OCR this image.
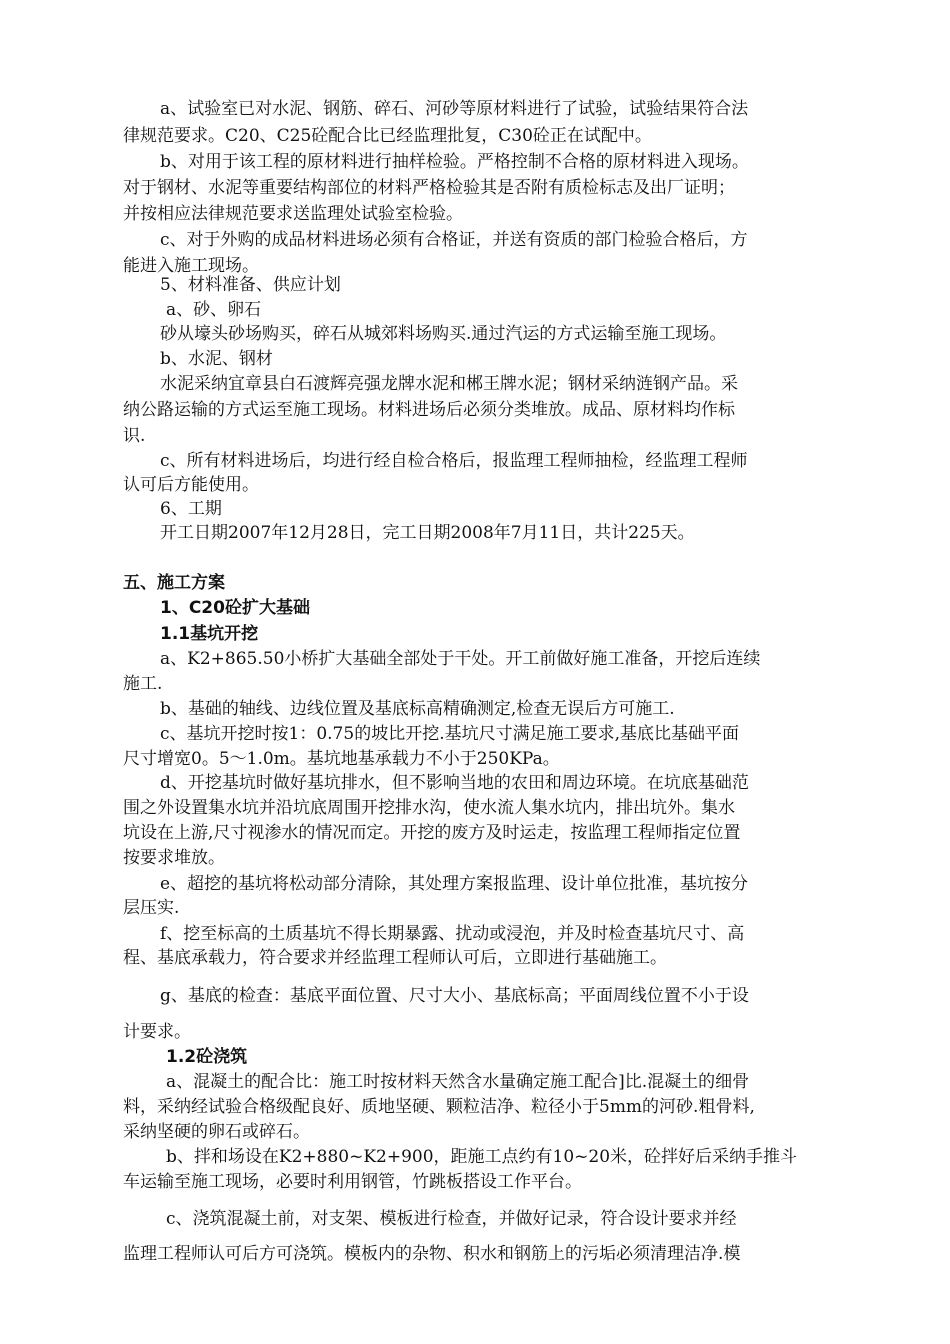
a、试验室已对水泥、钢筋、碎石、河砂等原材料进行了试验，试验结果符合法
律规范要求。C20、C25砼配合比已经监理批复，C30砼正在试配中。
b、对用于该工程的原材料进行抽样检验。严格控制不合格的原材料进入现场。
对于钢材、水泥等重要结构部位的材料严格检验其是否附有质检标志及出厂证明；
并按相应法律规范要求送监理处试验室检验。
c、对于外购的成品材料进场必须有合格证，并送有资质的部门检验合格后，方
能进入施工现场。
5、材料准备、供应计划
a、砂、卵石
砂从壕头砂场购买，碎石从城郊料场购买.通过汽运的方式运输至施工现场。
b、水泥、钢材
水泥采纳宜章县白石渡辉亮强龙牌水泥和郴王牌水泥；钢材采纳涟钢产品。采
纳公路运输的方式运至施工现场。材料进场后必须分类堆放。成品、原材料均作标
识.
c、所有材料进场后，均进行经自检合格后，报监理工程师抽检，经监理工程师
认可后方能使用。
6、工期
开工日期2007年12月28日，完工日期2008年7月11日，共计225天。
五、施工方案
1、C20砼扩大基础
1.1基坑开挖
a、K2+865.50小桥扩大基础全部处于干处。开工前做好施工准备，开挖后连续
施工.
b、基础的轴线、边线位置及基底标高精确测定,检查无误后方可施工.
c、基坑开挖时按1：0.75的坡比开挖.基坑尺寸满足施工要求,基底比基础平面
尺寸增宽0。5～1.0m。基坑地基承载力不小于250KPa。
d、开挖基坑时做好基坑排水，但不影响当地的农田和周边环境。在坑底基础范
围之外设置集水坑并沿坑底周围开挖排水沟，使水流人集水坑内，排出坑外。集水
坑设在上游,尺寸视渗水的情况而定。开挖的废方及时运走，按监理工程师指定位置
按要求堆放。
e、超挖的基坑将松动部分清除，其处理方案报监理、设计单位批准，基坑按分
层压实.
f、挖至标高的土质基坑不得长期暴露、扰动或浸泡，并及时检查基坑尺寸、高
程、基底承载力，符合要求并经监理工程师认可后，立即进行基础施工。
g、基底的检查：基底平面位置、尺寸大小、基底标高；平面周线位置不小于设
计要求。
1.2砼浇筑
a、混凝土的配合比：施工时按材料天然含水量确定施工配合]比.混凝土的细骨
料，采纳经试验合格级配良好、质地坚硬、颗粒洁净、粒径小于5mm的河砂.粗骨料,
采纳坚硬的卵石或碎石。
b、拌和场设在K2+880~K2+900，距施工点约有10~20米，砼拌好后采纳手推斗
车运输至施工现场，必要时利用钢管，竹跳板搭设工作平台。
c、浇筑混凝土前，对支架、模板进行检查，并做好记录，符合设计要求并经
监理工程师认可后方可浇筑。模板内的杂物、积水和钢筋上的污垢必须清理洁净.模
